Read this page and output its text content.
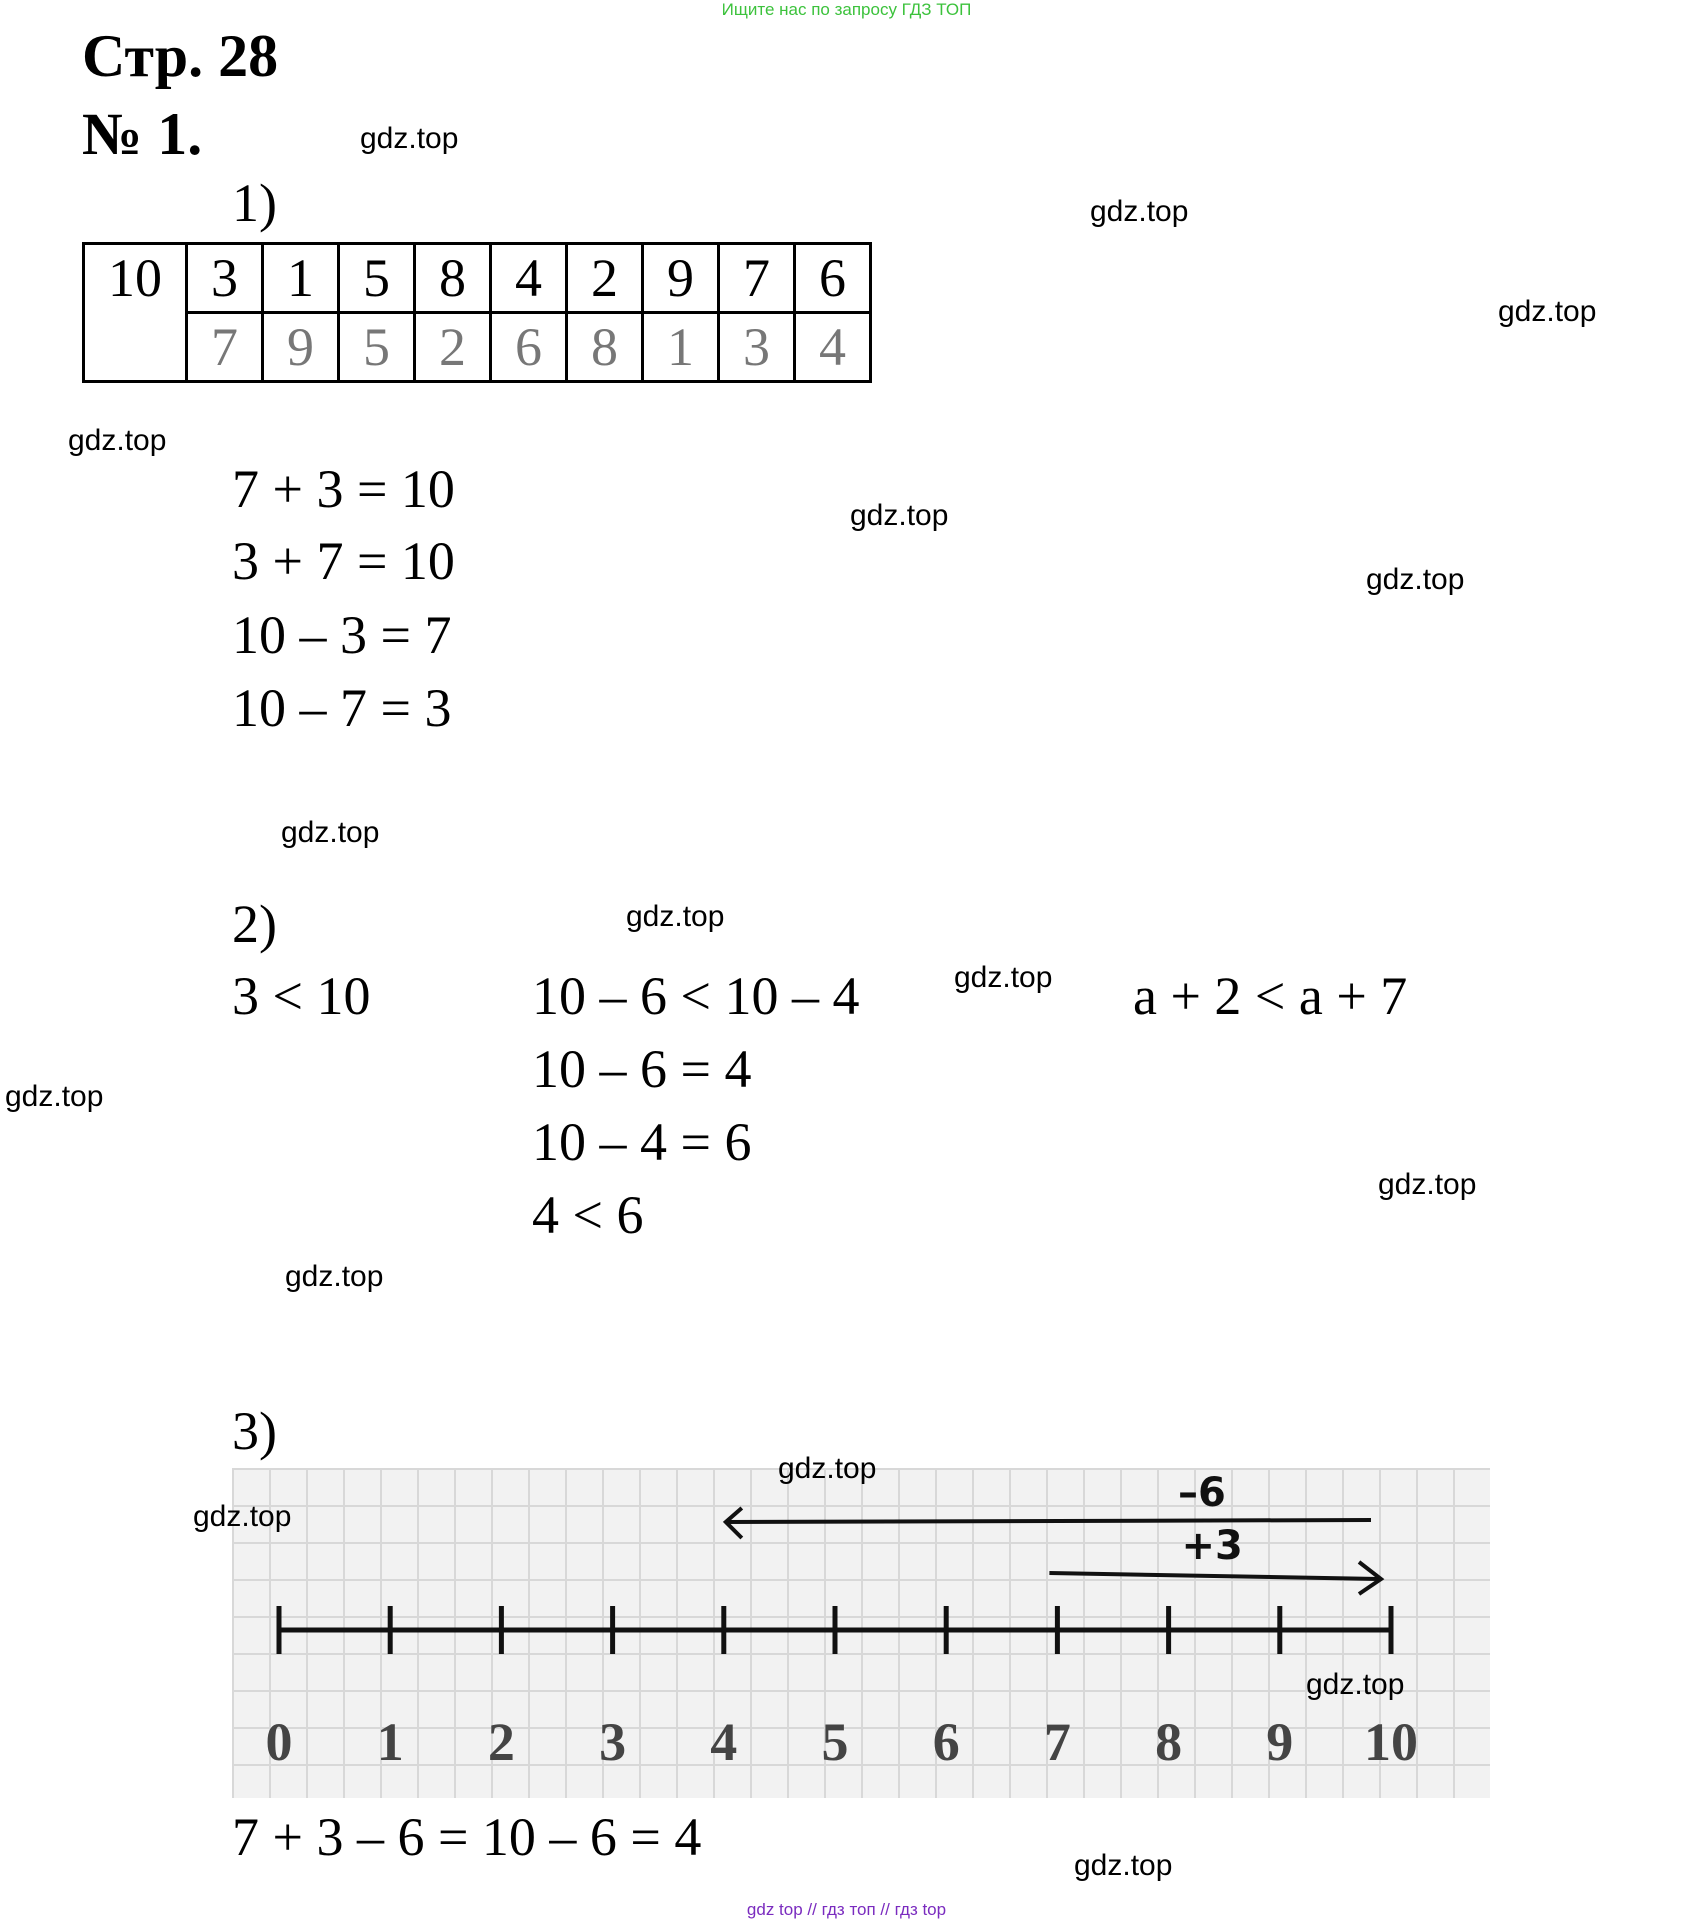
Ищите нас по запросу ГДЗ ТОП
gdz top // гдз топ // гдз top
Стр. 28
№ 1.
1)
10	3	1	5	8	4	2	9	7	6
	7	9	5	2	6	8	1	3	4
7 + 3 = 10
3 + 7 = 10
10 – 3 = 7
10 – 7 = 3
2)
3 < 10	10 – 6 < 10 – 4
10 – 6 = 4
10 – 4 = 6
4 < 6
a + 2 < a + 7
3)
0 1 2 3 4 5 6 7 8 9 10
+3
–6
7 + 3 – 6 = 10 – 6 = 4
gdz.top
gdz.top
gdz.top
gdz.top
gdz.top
gdz.top
gdz.top
gdz.top
gdz.top
gdz.top
gdz.top
gdz.top
gdz.top
gdz.top
gdz.top
gdz.top
